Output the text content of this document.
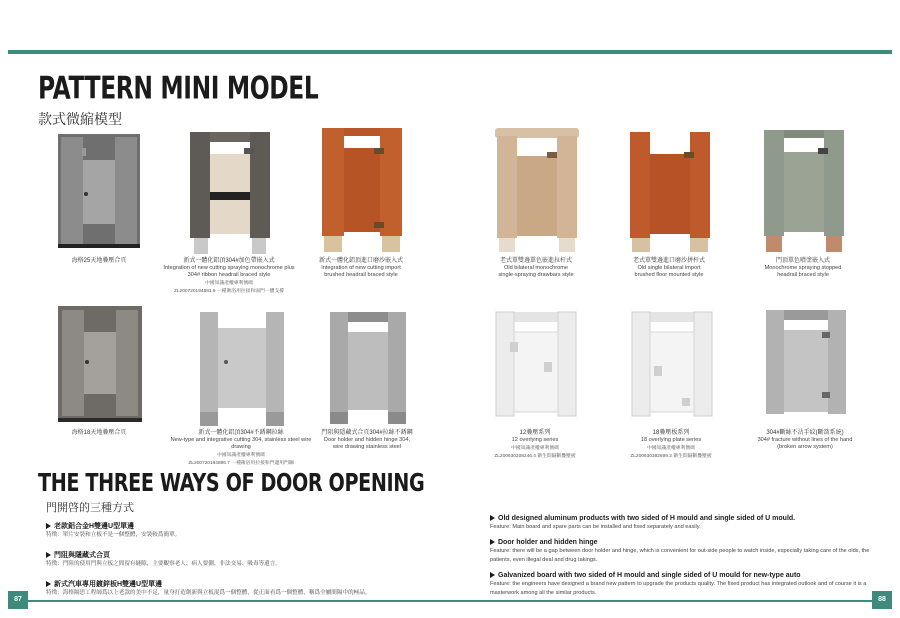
87	88
PATTERN MINI MODEL
款式微縮模型
THE THREE WAYS OF DOOR OPENING
門開啓的三種方式
海格25天地疊壓合頁	新式一體化鋁頂304#加色帶嵌入式
Integration of new cutting spraying monochrome plus
304# ribbon headrail braced style
中國知識產權專利號碼
ZL200720194881.6 一種衛浴用拉接和弱門一體支撐
新式一體化鋁頂進口磨沙嵌入式
Integration of new cutting import
brushed headrail braced style
老式單雙邊單色嵌進拉杆式
Old bilateral monochrome
single-spraying drawbars style
老式單雙邊進口磨沙拼杆式
Old single bilateral import
brushed floor mounted style
門頂單色噴塗嵌入式
Monochrome spraying stopped
headrail braced style
海格18天地疊壓合頁	新式一體化鋁頂304#不銹鋼拉絲
New-type and integrative cutting 304, stainless steel wire drawing
中國知識產權專利號碼
ZL200720194896.7 一種衛浴用拉接和門邊用門鋼
門阻與隱藏式合頁304#拉絲不銹鋼
Door holder and hidden hinge 304,
wire drawing stainless steel
12疊壓系列
12 overlying series
中國知識產權專利號碼
ZL200930208246.4 衛生間隔斷疊壓板
18疊壓板系列
18 overlying plate series
中國知識產權專利號碼
ZL200930382699.2 衛生間隔斷疊壓板
304#斷絲不沾手紋(斷箭系統)
304# fracture without lines of the hand
(broken arrow system)
老款鋁合金H雙邊U型單邊
特徵：單片安裝和立板不是一個整體，安裝較爲簡單。
門阻與隱藏式合頁
特徵：門阻的使用門與立板之間留有縫隙，主要觀察老人、病人要側、非法交易、吸毒等遺言。
新式汽車專用鍍鋅板H雙邊U型單邊
特徵：海格隔思工程師爲以上老款的美中不足，量身打造創新與立板混爲一個整體，從正面看爲一個整體，稱爲全屬間隔中的極品。
Old designed aluminum products with two sided of H mould and single sided of U mould.
Feature: Main board and spare parts can be installed and fixed separately and easily.
Door holder and hidden hinge
Feature: there will be a gap between door holder and hinge, which is convenient for out-side people to watch inside, especially taking care of the olds, the patients, even illegal deal and drug takings.
Galvanized board with two sided of H mould and single sided of U mould for new-type auto
Feature: the engineers have designed a brand new pattern to upgrade the products quality. The fixed product has integrated outlook and of course it is a masterwork among all the similar products.
